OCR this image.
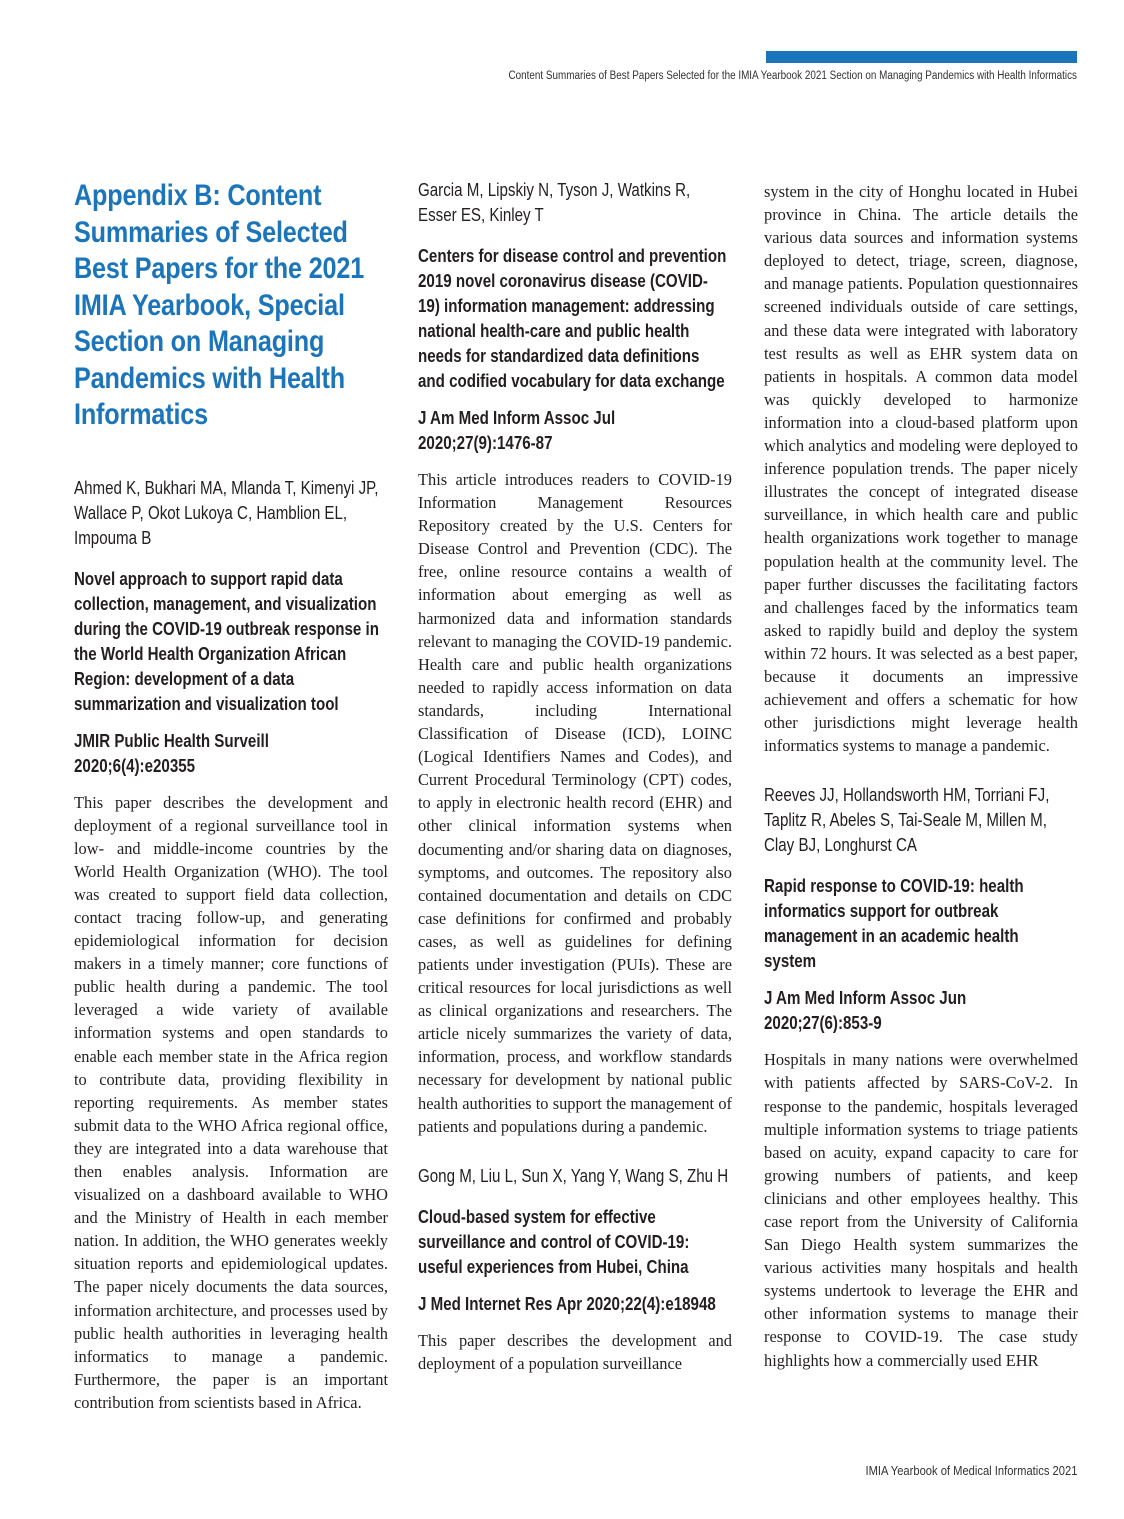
Content Summaries of Best Papers Selected for the IMIA Yearbook 2021 Section on Managing Pandemics with Health Informatics
Appendix B: Content Summaries of Selected Best Papers for the 2021 IMIA Yearbook, Special Section on Managing Pandemics with Health Informatics
Ahmed K, Bukhari MA, Mlanda T, Kimenyi JP, Wallace P, Okot Lukoya C, Hamblion EL, Impouma B
Novel approach to support rapid data collection, management, and visualization during the COVID-19 outbreak response in the World Health Organization African Region: development of a data summarization and visualization tool
JMIR Public Health Surveill 2020;6(4):e20355

This paper describes the development and deployment of a regional surveillance tool in low- and middle-income countries by the World Health Organization (WHO). The tool was created to support field data collection, contact tracing follow-up, and generating epidemiological information for decision makers in a timely manner; core functions of public health during a pandemic. The tool leveraged a wide variety of available information systems and open standards to enable each member state in the Africa region to contribute data, providing flexibility in reporting requirements. As member states submit data to the WHO Africa regional office, they are integrated into a data warehouse that then enables analysis. Information are visualized on a dashboard available to WHO and the Ministry of Health in each member nation. In addition, the WHO generates weekly situation reports and epidemiological updates. The paper nicely documents the data sources, information architecture, and processes used by public health authorities in leveraging health informatics to manage a pandemic. Furthermore, the paper is an important contribution from scientists based in Africa.

Garcia M, Lipskiy N, Tyson J, Watkins R, Esser ES, Kinley T
Centers for disease control and prevention 2019 novel coronavirus disease (COVID-19) information management: addressing national health-care and public health needs for standardized data definitions and codified vocabulary for data exchange
J Am Med Inform Assoc Jul 2020;27(9):1476-87

This article introduces readers to COVID-19 Information Management Resources Repository created by the U.S. Centers for Disease Control and Prevention (CDC). The free, online resource contains a wealth of information about emerging as well as harmonized data and information standards relevant to managing the COVID-19 pandemic. Health care and public health organizations needed to rapidly access information on data standards, including International Classification of Disease (ICD), LOINC (Logical Identifiers Names and Codes), and Current Procedural Terminology (CPT) codes, to apply in electronic health record (EHR) and other clinical information systems when documenting and/or sharing data on diagnoses, symptoms, and outcomes. The repository also contained documentation and details on CDC case definitions for confirmed and probably cases, as well as guidelines for defining patients under investigation (PUIs). These are critical resources for local jurisdictions as well as clinical organizations and researchers. The article nicely summarizes the variety of data, information, process, and workflow standards necessary for development by national public health authorities to support the management of patients and populations during a pandemic.

Gong M, Liu L, Sun X, Yang Y, Wang S, Zhu H
Cloud-based system for effective surveillance and control of COVID-19: useful experiences from Hubei, China
J Med Internet Res Apr 2020;22(4):e18948

This paper describes the development and deployment of a population surveillance

system in the city of Honghu located in Hubei province in China. The article details the various data sources and information systems deployed to detect, triage, screen, diagnose, and manage patients. Population questionnaires screened individuals outside of care settings, and these data were integrated with laboratory test results as well as EHR system data on patients in hospitals. A common data model was quickly developed to harmonize information into a cloud-based platform upon which analytics and modeling were deployed to inference population trends. The paper nicely illustrates the concept of integrated disease surveillance, in which health care and public health organizations work together to manage population health at the community level. The paper further discusses the facilitating factors and challenges faced by the informatics team asked to rapidly build and deploy the system within 72 hours. It was selected as a best paper, because it documents an impressive achievement and offers a schematic for how other jurisdictions might leverage health informatics systems to manage a pandemic.

Reeves JJ, Hollandsworth HM, Torriani FJ, Taplitz R, Abeles S, Tai-Seale M, Millen M, Clay BJ, Longhurst CA
Rapid response to COVID-19: health informatics support for outbreak management in an academic health system
J Am Med Inform Assoc Jun 2020;27(6):853-9

Hospitals in many nations were overwhelmed with patients affected by SARS-CoV-2. In response to the pandemic, hospitals leveraged multiple information systems to triage patients based on acuity, expand capacity to care for growing numbers of patients, and keep clinicians and other employees healthy. This case report from the University of California San Diego Health system summarizes the various activities many hospitals and health systems undertook to leverage the EHR and other information systems to manage their response to COVID-19. The case study highlights how a commercially used EHR

IMIA Yearbook of Medical Informatics 2021
